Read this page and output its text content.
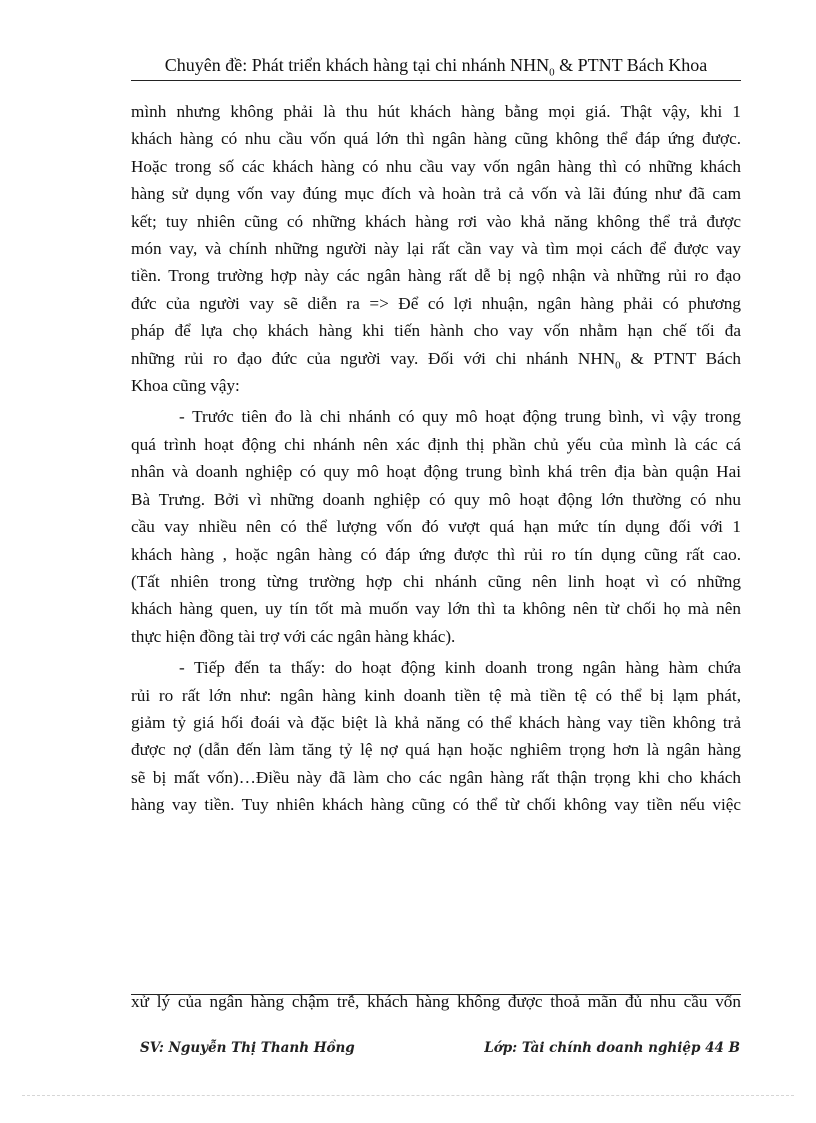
Chuyên đề: Phát triển khách hàng tại chi nhánh $NHN_0$ & PTNT Bách Khoa
mình nhưng không phải là thu hút khách hàng bằng mọi giá. Thật vậy, khi 1
khách hàng có nhu cầu vốn quá lớn thì ngân hàng cũng không thể đáp ứng được.
Hoặc trong số các khách hàng có nhu cầu vay vốn ngân hàng thì có những khách
hàng sử dụng vốn vay đúng mục đích và hoàn trả cả vốn và lãi đúng như đã cam
kết; tuy nhiên cũng có những khách hàng rơi vào khả năng không thể trả được
món vay, và chính những người này lại rất cần vay và tìm mọi cách để được vay
tiền. Trong trường hợp này các ngân hàng rất dễ bị ngộ nhận và những rủi ro đạo
đức của người vay sẽ diễn ra => Để có lợi nhuận, ngân hàng phải có phương
pháp để lựa chọ khách hàng khi tiến hành cho vay vốn nhằm hạn chế tối đa
những rủi ro đạo đức của người vay. Đối với chi nhánh $NHN_0$ & PTNT Bách
Khoa cũng vậy:
- Trước tiên đo là chi nhánh có quy mô hoạt động trung bình, vì vậy trong
quá trình hoạt động chi nhánh nên xác định thị phần chủ yếu của mình là các cá
nhân và doanh nghiệp có quy mô hoạt động trung bình khá trên địa bàn quận Hai
Bà Trưng. Bởi vì những doanh nghiệp có quy mô hoạt động lớn thường có nhu
cầu vay nhiều nên có thể lượng vốn đó vượt quá hạn mức tín dụng đối với 1
khách hàng , hoặc ngân hàng có đáp ứng được thì rủi ro tín dụng cũng rất cao.
(Tất nhiên trong từng trường hợp chi nhánh cũng nên linh hoạt vì có những
khách hàng quen, uy tín tốt mà muốn vay lớn thì ta không nên từ chối họ mà nên
thực hiện đồng tài trợ với các ngân hàng khác).
- Tiếp đến ta thấy: do hoạt động kinh doanh trong ngân hàng hàm chứa
rủi ro rất lớn như: ngân hàng kinh doanh tiền tệ mà tiền tệ có thể bị lạm phát,
giảm tỷ giá hối đoái và đặc biệt là khả năng có thể khách hàng vay tiền không trả
được nợ (dẫn đến làm tăng tỷ lệ nợ quá hạn hoặc nghiêm trọng hơn là ngân hàng
sẽ bị mất vốn)…Điều này đã làm cho các ngân hàng rất thận trọng khi cho khách
hàng vay tiền. Tuy nhiên khách hàng cũng có thể từ chối không vay tiền nếu việc
xử lý của ngân hàng chậm trễ, khách hàng không được thoả mãn đủ nhu cầu vốn
SV: Nguyễn Thị Thanh Hồng	Lớp: Tài chính doanh nghiệp 44 B
